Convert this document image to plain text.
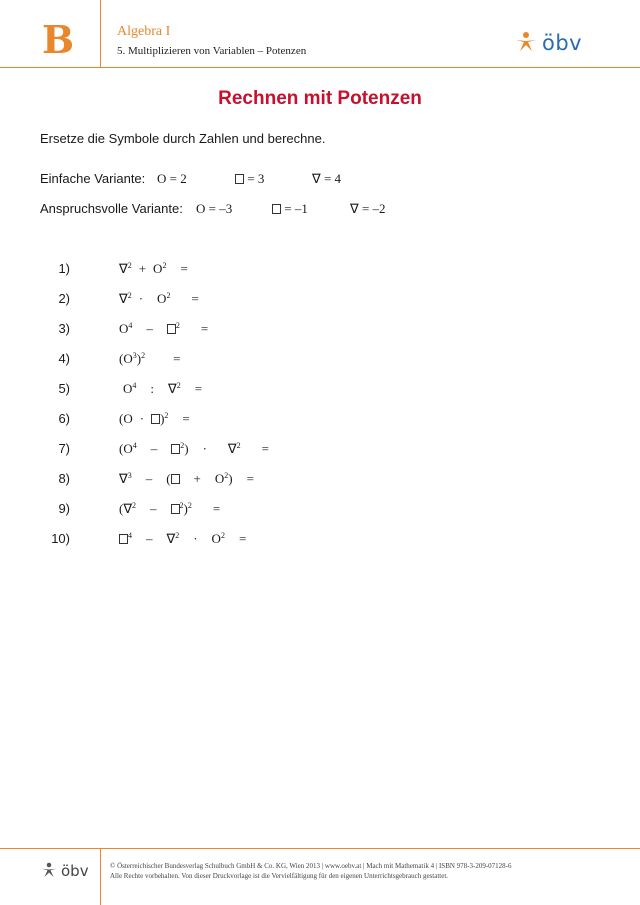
B	Algebra I
5. Multiplizieren von Variablen – Potenzen	öbv
Rechnen mit Potenzen
Ersetze die Symbole durch Zahlen und berechne.
Einfache Variante: O = 2	= 3	∇ = 4
Anspruchsvolle Variante: O = –3	= –1	∇ = –2
1)	$\nabla^2 + O^2$ =
2)	$\nabla^2 \cdot O^2$ =
3)	$O^4$ –	$^2$ =
4)	$(O^3)^2$ =
5)	$O^4$ : ∇$^2$ =
6)	$(O \cdot )^2$ =
7)	($O^4$ –	$^2$) · ∇$^2$ =
8)	∇$^3$ – ( + $O^2$) =
9)	(∇$^2$ –	$^2$)$^2$ =
10)	$^4 - \nabla^2 \cdot O^2$ =
öbv	© Österreichischer Bundesverlag Schulbuch GmbH & Co. KG, Wien 2013 | www.oebv.at | Mach mit Mathematik 4 | ISBN 978-3-209-07128-6
Alle Rechte vorbehalten. Von dieser Druckvorlage ist die Vervielfältigung für den eigenen Unterrichtsgebrauch gestattet.
